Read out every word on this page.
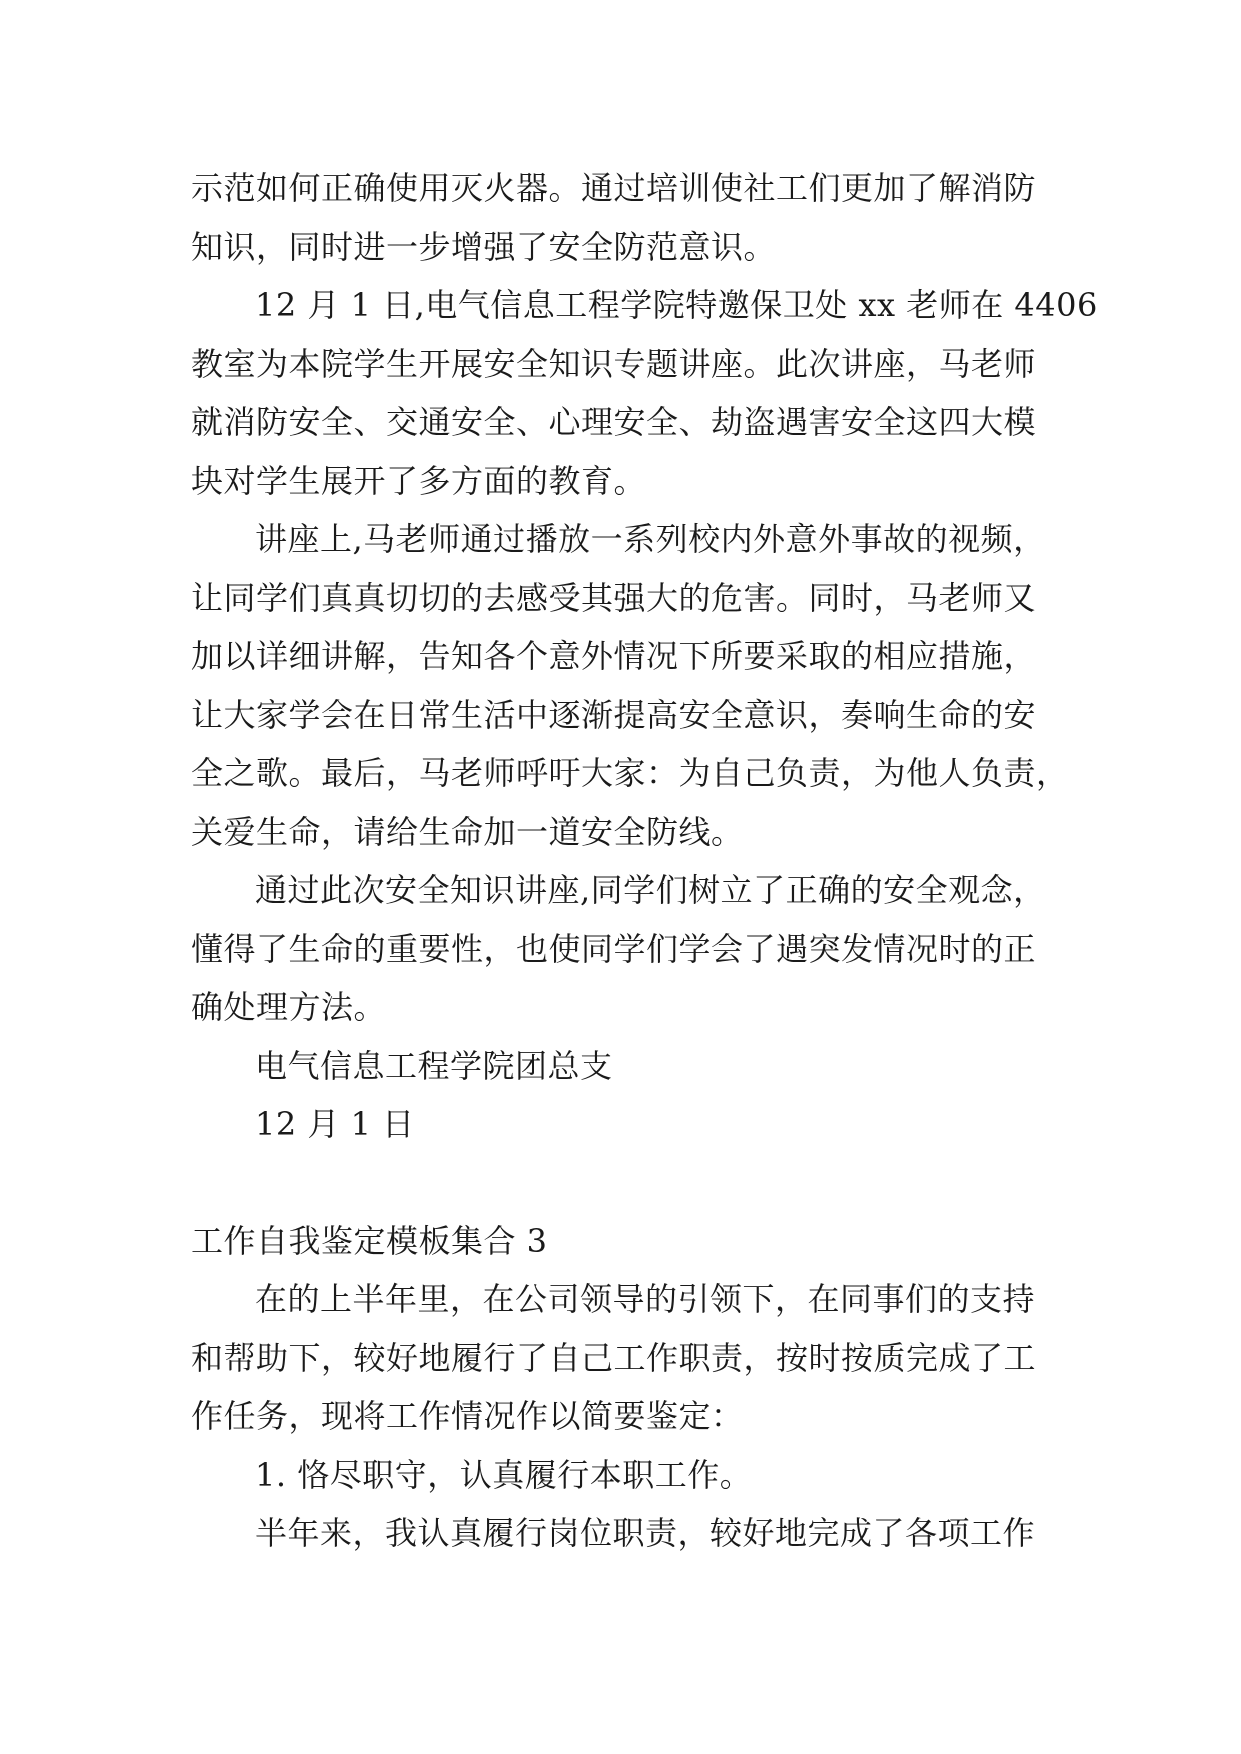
示范如何正确使用灭火器。通过培训使社工们更加了解消防
知识，同时进一步增强了安全防范意识。
12 月 1 日,电气信息工程学院特邀保卫处 xx 老师在 4406
教室为本院学生开展安全知识专题讲座。此次讲座，马老师
就消防安全、交通安全、心理安全、劫盗遇害安全这四大模
块对学生展开了多方面的教育。
讲座上,马老师通过播放一系列校内外意外事故的视频，
让同学们真真切切的去感受其强大的危害。同时，马老师又
加以详细讲解，告知各个意外情况下所要采取的相应措施，
让大家学会在日常生活中逐渐提高安全意识，奏响生命的安
全之歌。最后，马老师呼吁大家：为自己负责，为他人负责，
关爱生命，请给生命加一道安全防线。
通过此次安全知识讲座,同学们树立了正确的安全观念，
懂得了生命的重要性，也使同学们学会了遇突发情况时的正
确处理方法。
电气信息工程学院团总支
12 月 1 日
工作自我鉴定模板集合 3
在的上半年里，在公司领导的引领下，在同事们的支持
和帮助下，较好地履行了自己工作职责，按时按质完成了工
作任务，现将工作情况作以简要鉴定：
1. 恪尽职守，认真履行本职工作。
半年来，我认真履行岗位职责，较好地完成了各项工作
